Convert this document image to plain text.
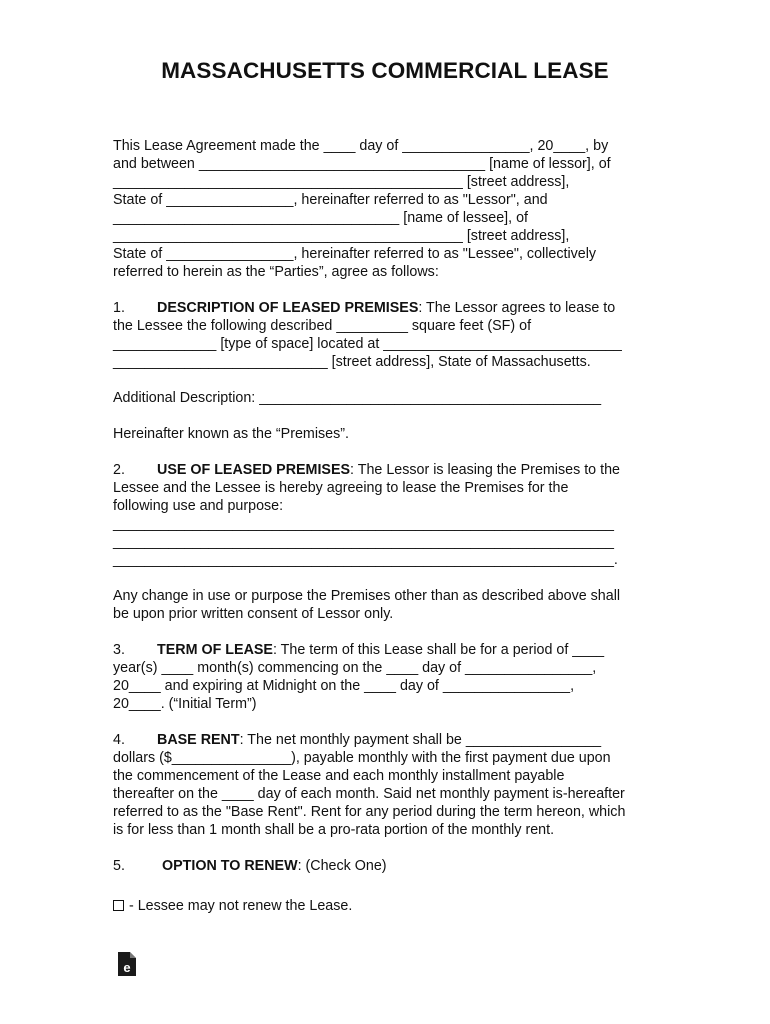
MASSACHUSETTS COMMERCIAL LEASE
This Lease Agreement made the ____ day of ________________, 20____, by
and between ____________________________________ [name of lessor], of
____________________________________________ [street address],
State of ________________, hereinafter referred to as "Lessor", and
____________________________________ [name of lessee], of
____________________________________________ [street address],
State of ________________, hereinafter referred to as "Lessee", collectively
referred to herein as the “Parties”, agree as follows:
1. DESCRIPTION OF LEASED PREMISES: The Lessor agrees to lease to
the Lessee the following described _________ square feet (SF) of
_____________ [type of space] located at ______________________________
___________________________ [street address], State of Massachusetts.
Additional Description: ___________________________________________
Hereinafter known as the “Premises”.
2. USE OF LEASED PREMISES: The Lessor is leasing the Premises to the
Lessee and the Lessee is hereby agreeing to lease the Premises for the
following use and purpose:
_______________________________________________________________
_______________________________________________________________
_______________________________________________________________.
Any change in use or purpose the Premises other than as described above shall
be upon prior written consent of Lessor only.
3. TERM OF LEASE: The term of this Lease shall be for a period of ____
year(s) ____ month(s) commencing on the ____ day of ________________,
20____ and expiring at Midnight on the ____ day of ________________,
20____. (“Initial Term”)
4. BASE RENT: The net monthly payment shall be _________________
dollars ($_______________), payable monthly with the first payment due upon
the commencement of the Lease and each monthly installment payable
thereafter on the ____ day of each month. Said net monthly payment is-hereafter
referred to as the "Base Rent". Rent for any period during the term hereon, which
is for less than 1 month shall be a pro-rata portion of the monthly rent.
5.	OPTION TO RENEW: (Check One)
- Lessee may not renew the Lease.
e
